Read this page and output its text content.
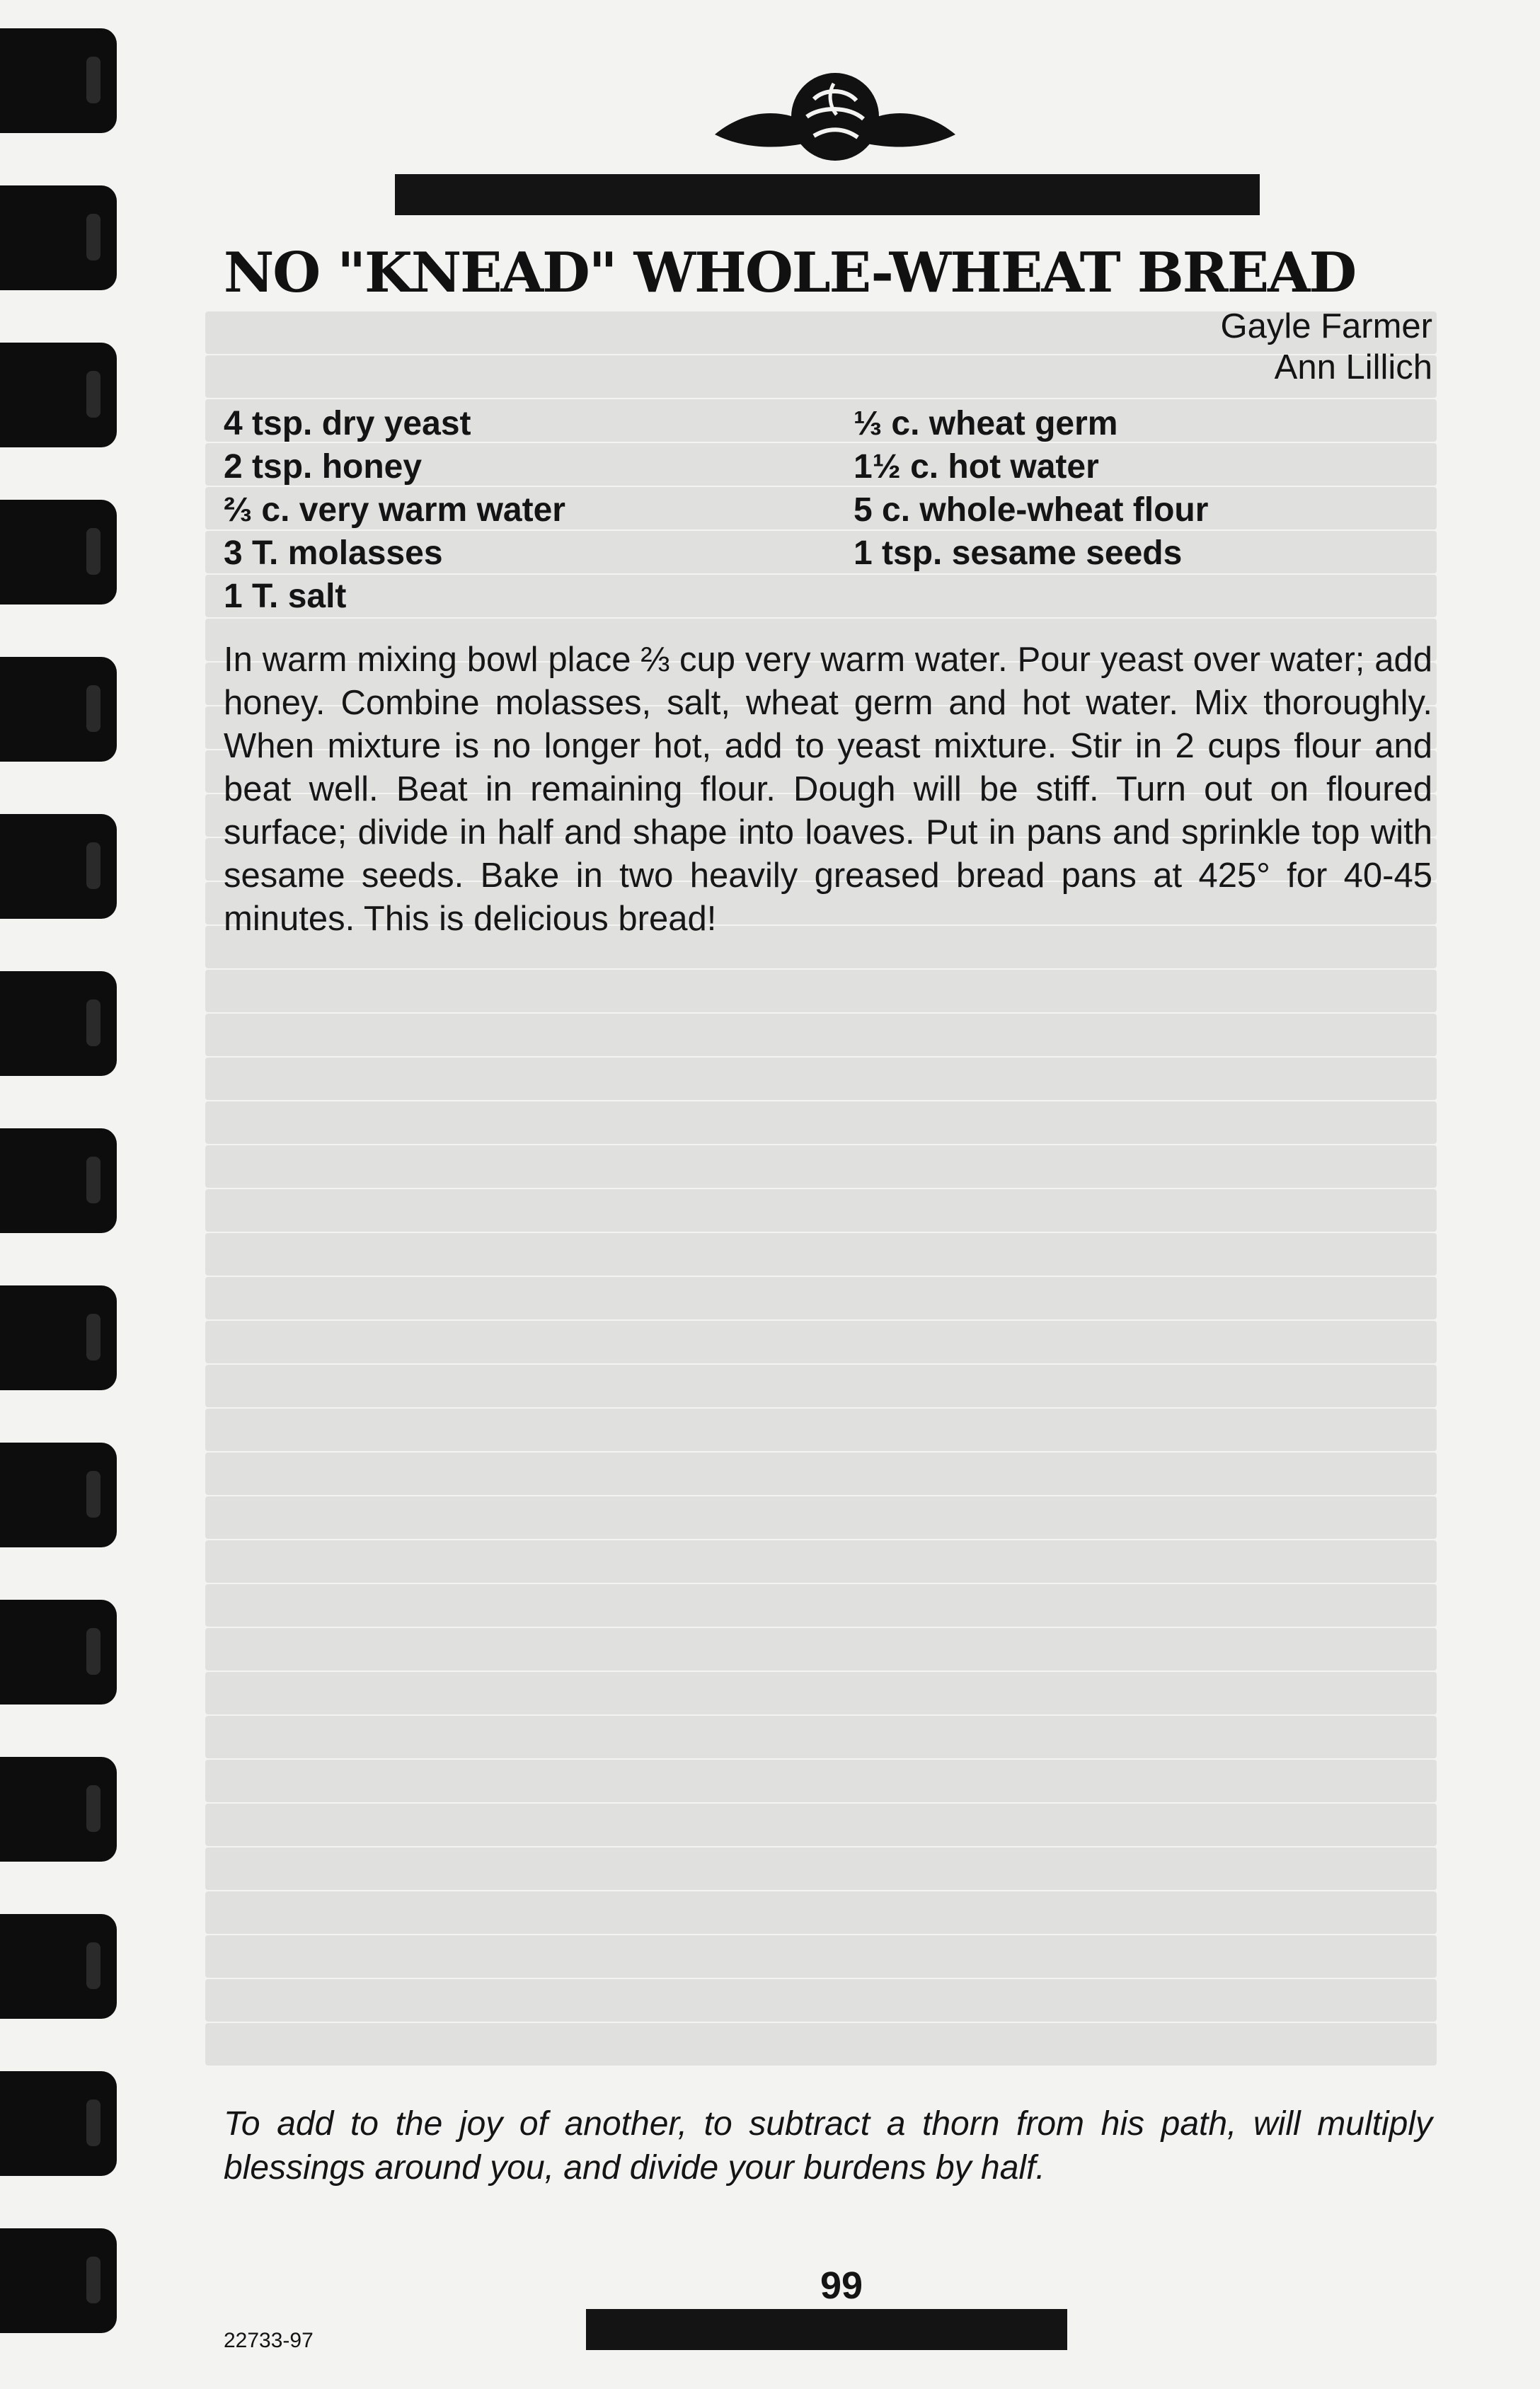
NO "KNEAD" WHOLE-WHEAT BREAD
Gayle Farmer
Ann Lillich
4 tsp. dry yeast
2 tsp. honey
⅔ c. very warm water
3 T. molasses
1 T. salt
⅓ c. wheat germ
1½ c. hot water
5 c. whole-wheat flour
1 tsp. sesame seeds

In warm mixing bowl place ⅔ cup very warm water. Pour yeast over water; add honey. Combine molasses, salt, wheat germ and hot water. Mix thoroughly. When mixture is no longer hot, add to yeast mixture. Stir in 2 cups flour and beat well. Beat in remaining flour. Dough will be stiff. Turn out on floured surface; divide in half and shape into loaves. Put in pans and sprinkle top with sesame seeds. Bake in two heavily greased bread pans at 425° for 40-45 minutes. This is delicious bread!

To add to the joy of another, to subtract a thorn from his path, will multiply blessings around you, and divide your burdens by half.

99
22733-97
